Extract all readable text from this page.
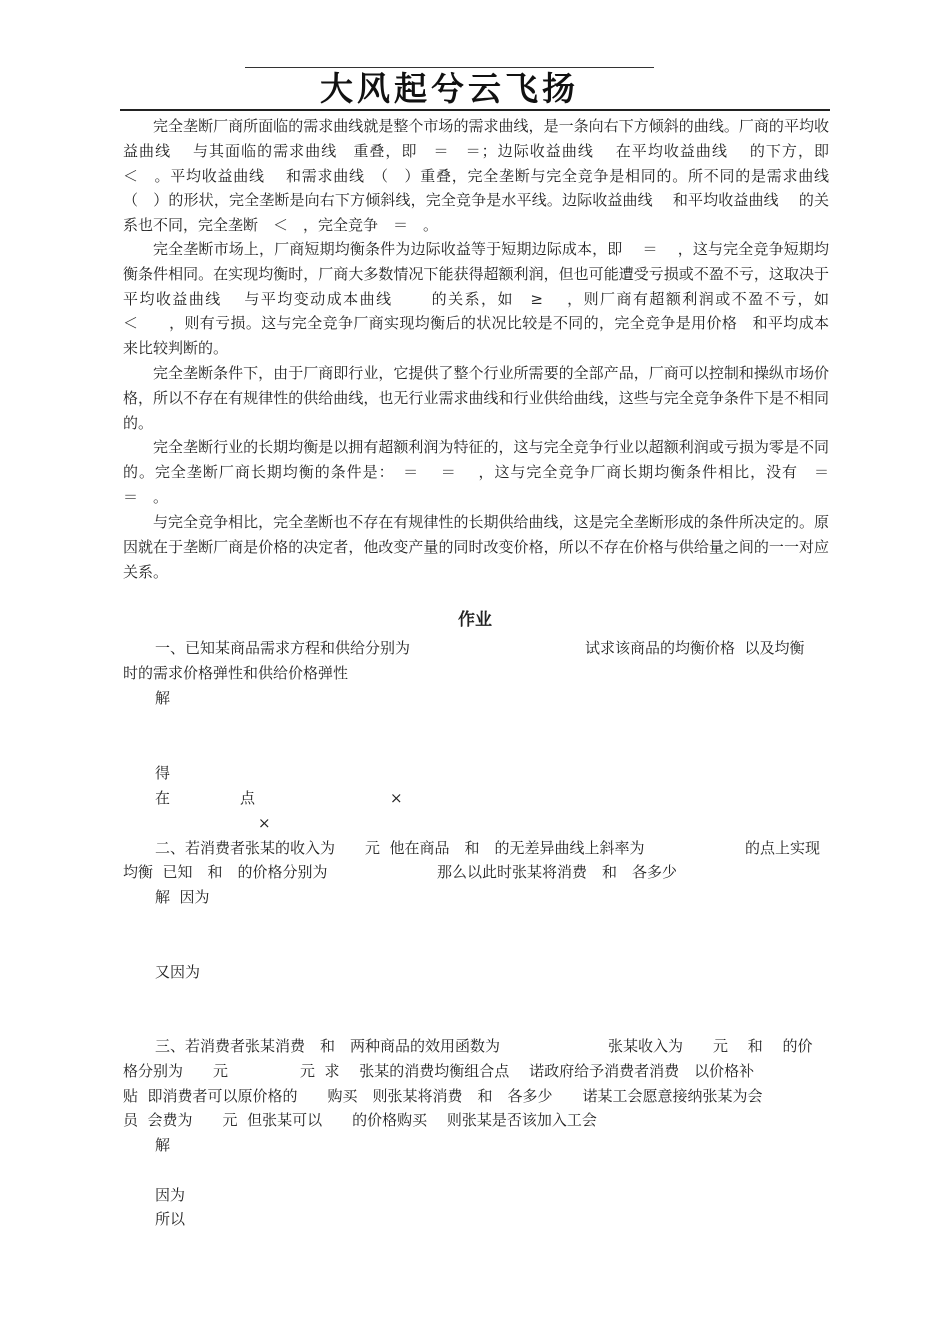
大风起兮云飞扬

完全垄断厂商所面临的需求曲线就是整个市场的需求曲线，是一条向右下方倾斜的曲线。厂商的平均收益曲线　 与其面临的需求曲线　重叠，即　＝　＝；边际收益曲线　 在平均收益曲线　 的下方，即　＜　。平均收益曲线　 和需求曲线　（　）重叠，完全垄断与完全竞争是相同的。所不同的是需求曲线　（　）的形状，完全垄断是向右下方倾斜线，完全竞争是水平线。边际收益曲线　 和平均收益曲线　 的关系也不同，完全垄断　＜　，完全竞争　＝　。

完全垄断市场上，厂商短期均衡条件为边际收益等于短期边际成本，即　 ＝　 ，这与完全竞争短期均衡条件相同。在实现均衡时，厂商大多数情况下能获得超额利润，但也可能遭受亏损或不盈不亏，这取决于平均收益曲线　 与平均变动成本曲线　　 的关系，如　≥　 ，则厂商有超额利润或不盈不亏，如　＜　　，则有亏损。这与完全竞争厂商实现均衡后的状况比较是不同的，完全竞争是用价格　和平均成本　　来比较判断的。

完全垄断条件下，由于厂商即行业，它提供了整个行业所需要的全部产品，厂商可以控制和操纵市场价格，所以不存在有规律性的供给曲线，也无行业需求曲线和行业供给曲线，这些与完全竞争条件下是不相同的。

完全垄断行业的长期均衡是以拥有超额利润为特征的，这与完全竞争行业以超额利润或亏损为零是不同的。完全垄断厂商长期均衡的条件是：　＝　 ＝　 ，这与完全竞争厂商长期均衡条件相比，没有　＝　 ＝　。

与完全竞争相比，完全垄断也不存在有规律性的长期供给曲线，这是完全垄断形成的条件所决定的。原因就在于垄断厂商是价格的决定者，他改变产量的同时改变价格，所以不存在价格与供给量之间的一一对应关系。

作业

一、已知某商品需求方程和供给分别为	试求该商品的均衡价格  以及均衡

时的需求价格弹性和供给价格弹性

解

得

在	点	×

×

二、若消费者张某的收入为　　元  他在商品　和　的无差异曲线上斜率为	的点上实现

均衡  已知　和　的价格分别为	那么以此时张某将消费　和　各多少

解  因为

又因为

三、若消费者张某消费　和　两种商品的效用函数为	张某收入为　　元　 和　 的价

格分别为　　元	元  求　 张某的消费均衡组合点　 诺政府给予消费者消费　以价格补

贴  即消费者可以原价格的　　购买　则张某将消费　和　各多少　　诺某工会愿意接纳张某为会

员  会费为　　元  但张某可以　　的价格购买　 则张某是否该加入工会

解

因为

所以
